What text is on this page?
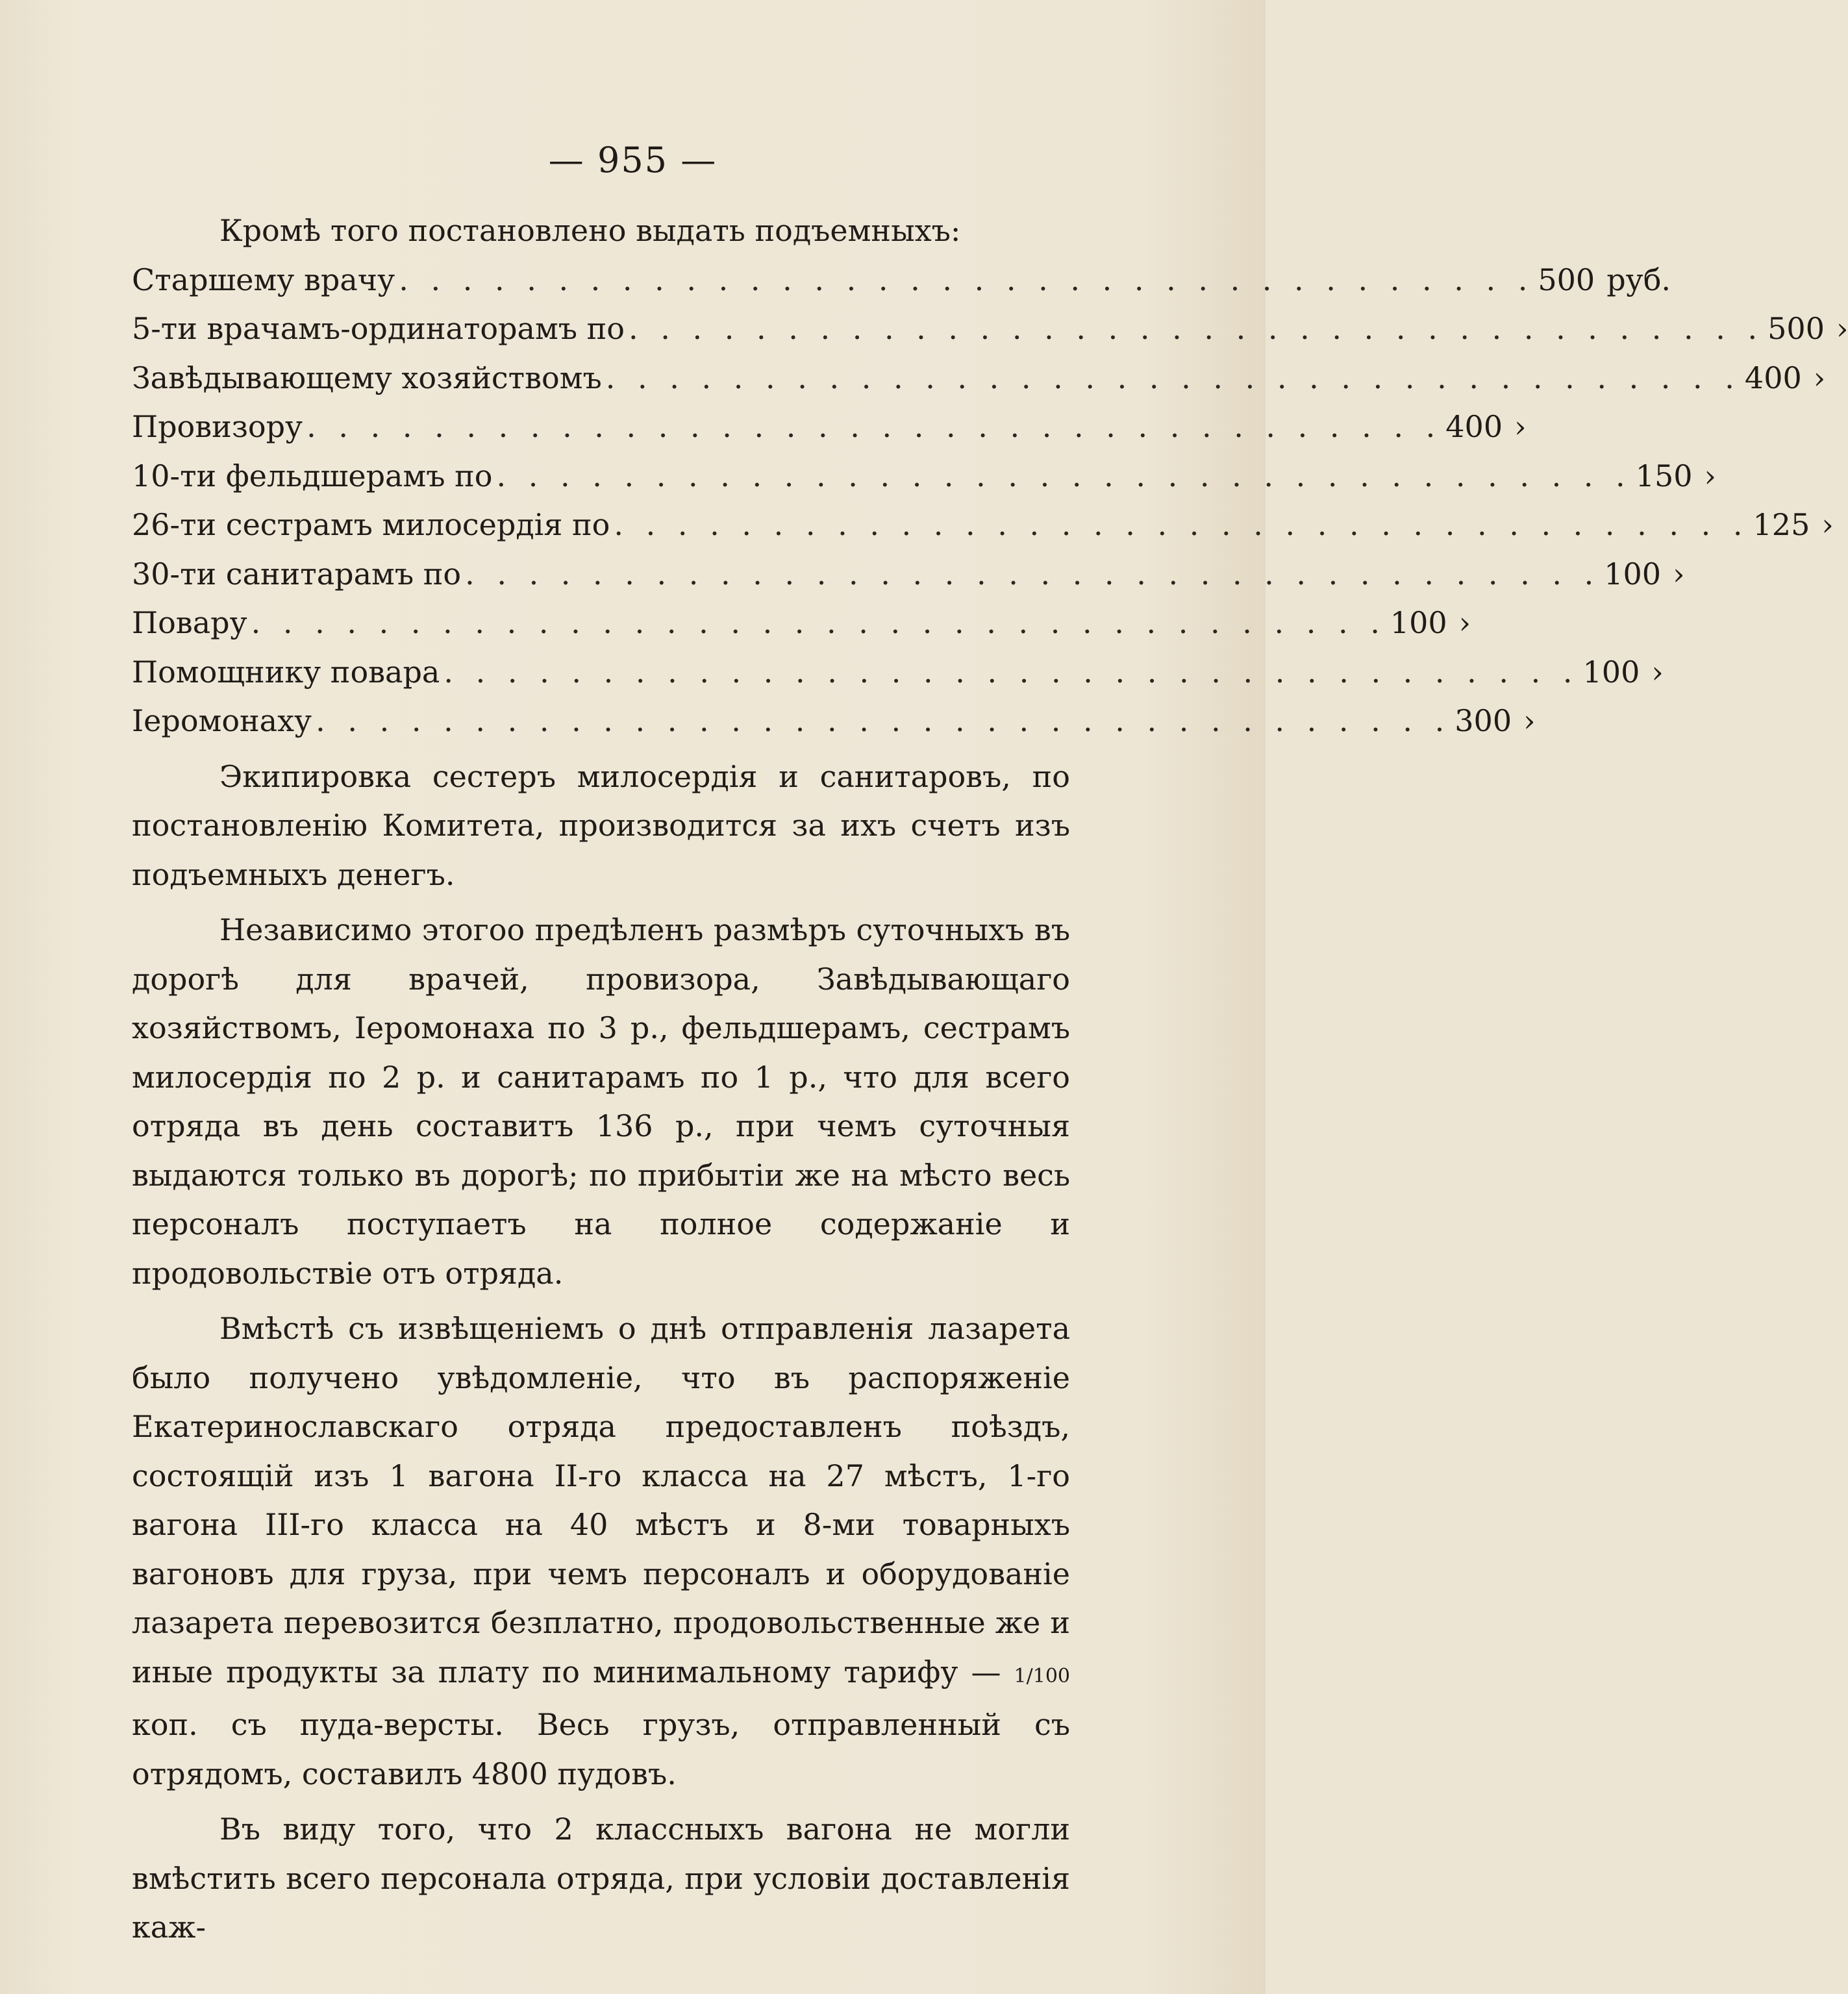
— 955 —

Кромѣ того постановлено выдать подъемныхъ:

Старшему врачу . . . . . . . . . . . . . . . . . . . . . . . . . . . . . . . . . . . . 500 руб.
5-ти врачамъ-ординаторамъ по . . . . . . . . . . . . . . . . . . . . . . . . . . . . . . . . . . . . 500 ›
Завѣдывающему хозяйствомъ . . . . . . . . . . . . . . . . . . . . . . . . . . . . . . . . . . . . 400 ›
Провизору . . . . . . . . . . . . . . . . . . . . . . . . . . . . . . . . . . . . 400 ›
10-ти фельдшерамъ по . . . . . . . . . . . . . . . . . . . . . . . . . . . . . . . . . . . . 150 ›
26-ти сестрамъ милосердія по . . . . . . . . . . . . . . . . . . . . . . . . . . . . . . . . . . . . 125 ›
30-ти санитарамъ по . . . . . . . . . . . . . . . . . . . . . . . . . . . . . . . . . . . . 100 ›
Повару . . . . . . . . . . . . . . . . . . . . . . . . . . . . . . . . . . . . 100 ›
Помощнику повара . . . . . . . . . . . . . . . . . . . . . . . . . . . . . . . . . . . . 100 ›
Іеромонаху . . . . . . . . . . . . . . . . . . . . . . . . . . . . . . . . . . . . 300 ›

Экипировка сестеръ милосердія и санитаровъ, по постановленію Комитета, производится за ихъ счетъ изъ подъемныхъ денегъ.

Независимо этогоо предѣленъ размѣръ суточныхъ въ дорогѣ для врачей, провизора, Завѣдывающаго хозяйствомъ, Іеромонаха по 3 р., фельдшерамъ, сестрамъ милосердія по 2 р. и санитарамъ по 1 р., что для всего отряда въ день составитъ 136 р., при чемъ суточныя выдаются только въ дорогѣ; по прибытіи же на мѣсто весь персоналъ поступаетъ на полное содержаніе и продовольствіе отъ отряда.

Вмѣстѣ съ извѣщеніемъ о днѣ отправленія лазарета было получено увѣдомленіе, что въ распоряженіе Екатеринославскаго отряда предоставленъ поѣздъ, состоящій изъ 1 вагона II-го класса на 27 мѣстъ, 1-го вагона III-го класса на 40 мѣстъ и 8-ми товарныхъ вагоновъ для груза, при чемъ персоналъ и оборудованіе лазарета перевозится безплатно, продовольственные же и иные продукты за плату по минимальному тарифу — 1/100 коп. съ пуда-версты. Весь грузъ, отправленный съ отрядомъ, составилъ 4800 пудовъ.

Въ виду того, что 2 классныхъ вагона не могли вмѣстить всего персонала отряда, при условіи доставленія каж-
